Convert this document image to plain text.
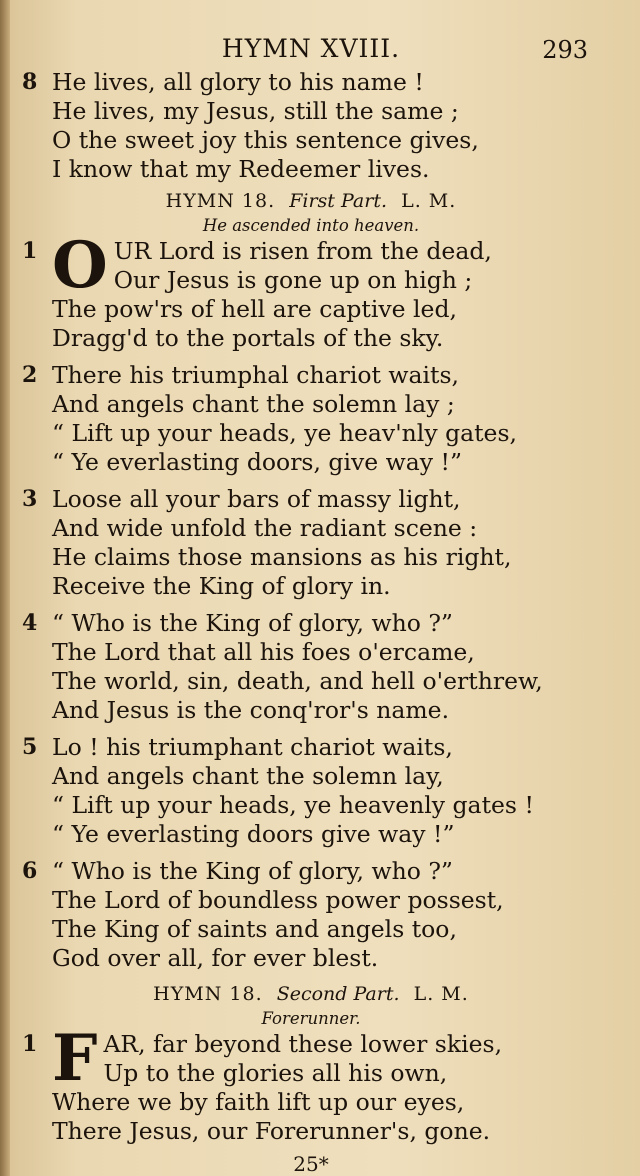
HYMN XVIII.	293
8 He lives, all glory to his name !
He lives, my Jesus, still the same ;
O the sweet joy this sentence gives,
I know that my Redeemer lives.
HYMN 18. First Part. L. M.
He ascended into heaven.
1 O UR Lord is risen from the dead,
Our Jesus is gone up on high ;
The pow'rs of hell are captive led,
Dragg'd to the portals of the sky.
2 There his triumphal chariot waits,
And angels chant the solemn lay ;
“ Lift up your heads, ye heav'nly gates,
“ Ye everlasting doors, give way !”
3 Loose all your bars of massy light,
And wide unfold the radiant scene :
He claims those mansions as his right,
Receive the King of glory in.
4 “ Who is the King of glory, who ?”
The Lord that all his foes o'ercame,
The world, sin, death, and hell o'erthrew,
And Jesus is the conq'ror's name.
5 Lo ! his triumphant chariot waits,
And angels chant the solemn lay,
“ Lift up your heads, ye heavenly gates !
“ Ye everlasting doors give way !”
6 “ Who is the King of glory, who ?”
The Lord of boundless power possest,
The King of saints and angels too,
God over all, for ever blest.
HYMN 18. Second Part. L. M.
Forerunner.
1 F AR, far beyond these lower skies,
Up to the glories all his own,
Where we by faith lift up our eyes,
There Jesus, our Forerunner's, gone.
25*
